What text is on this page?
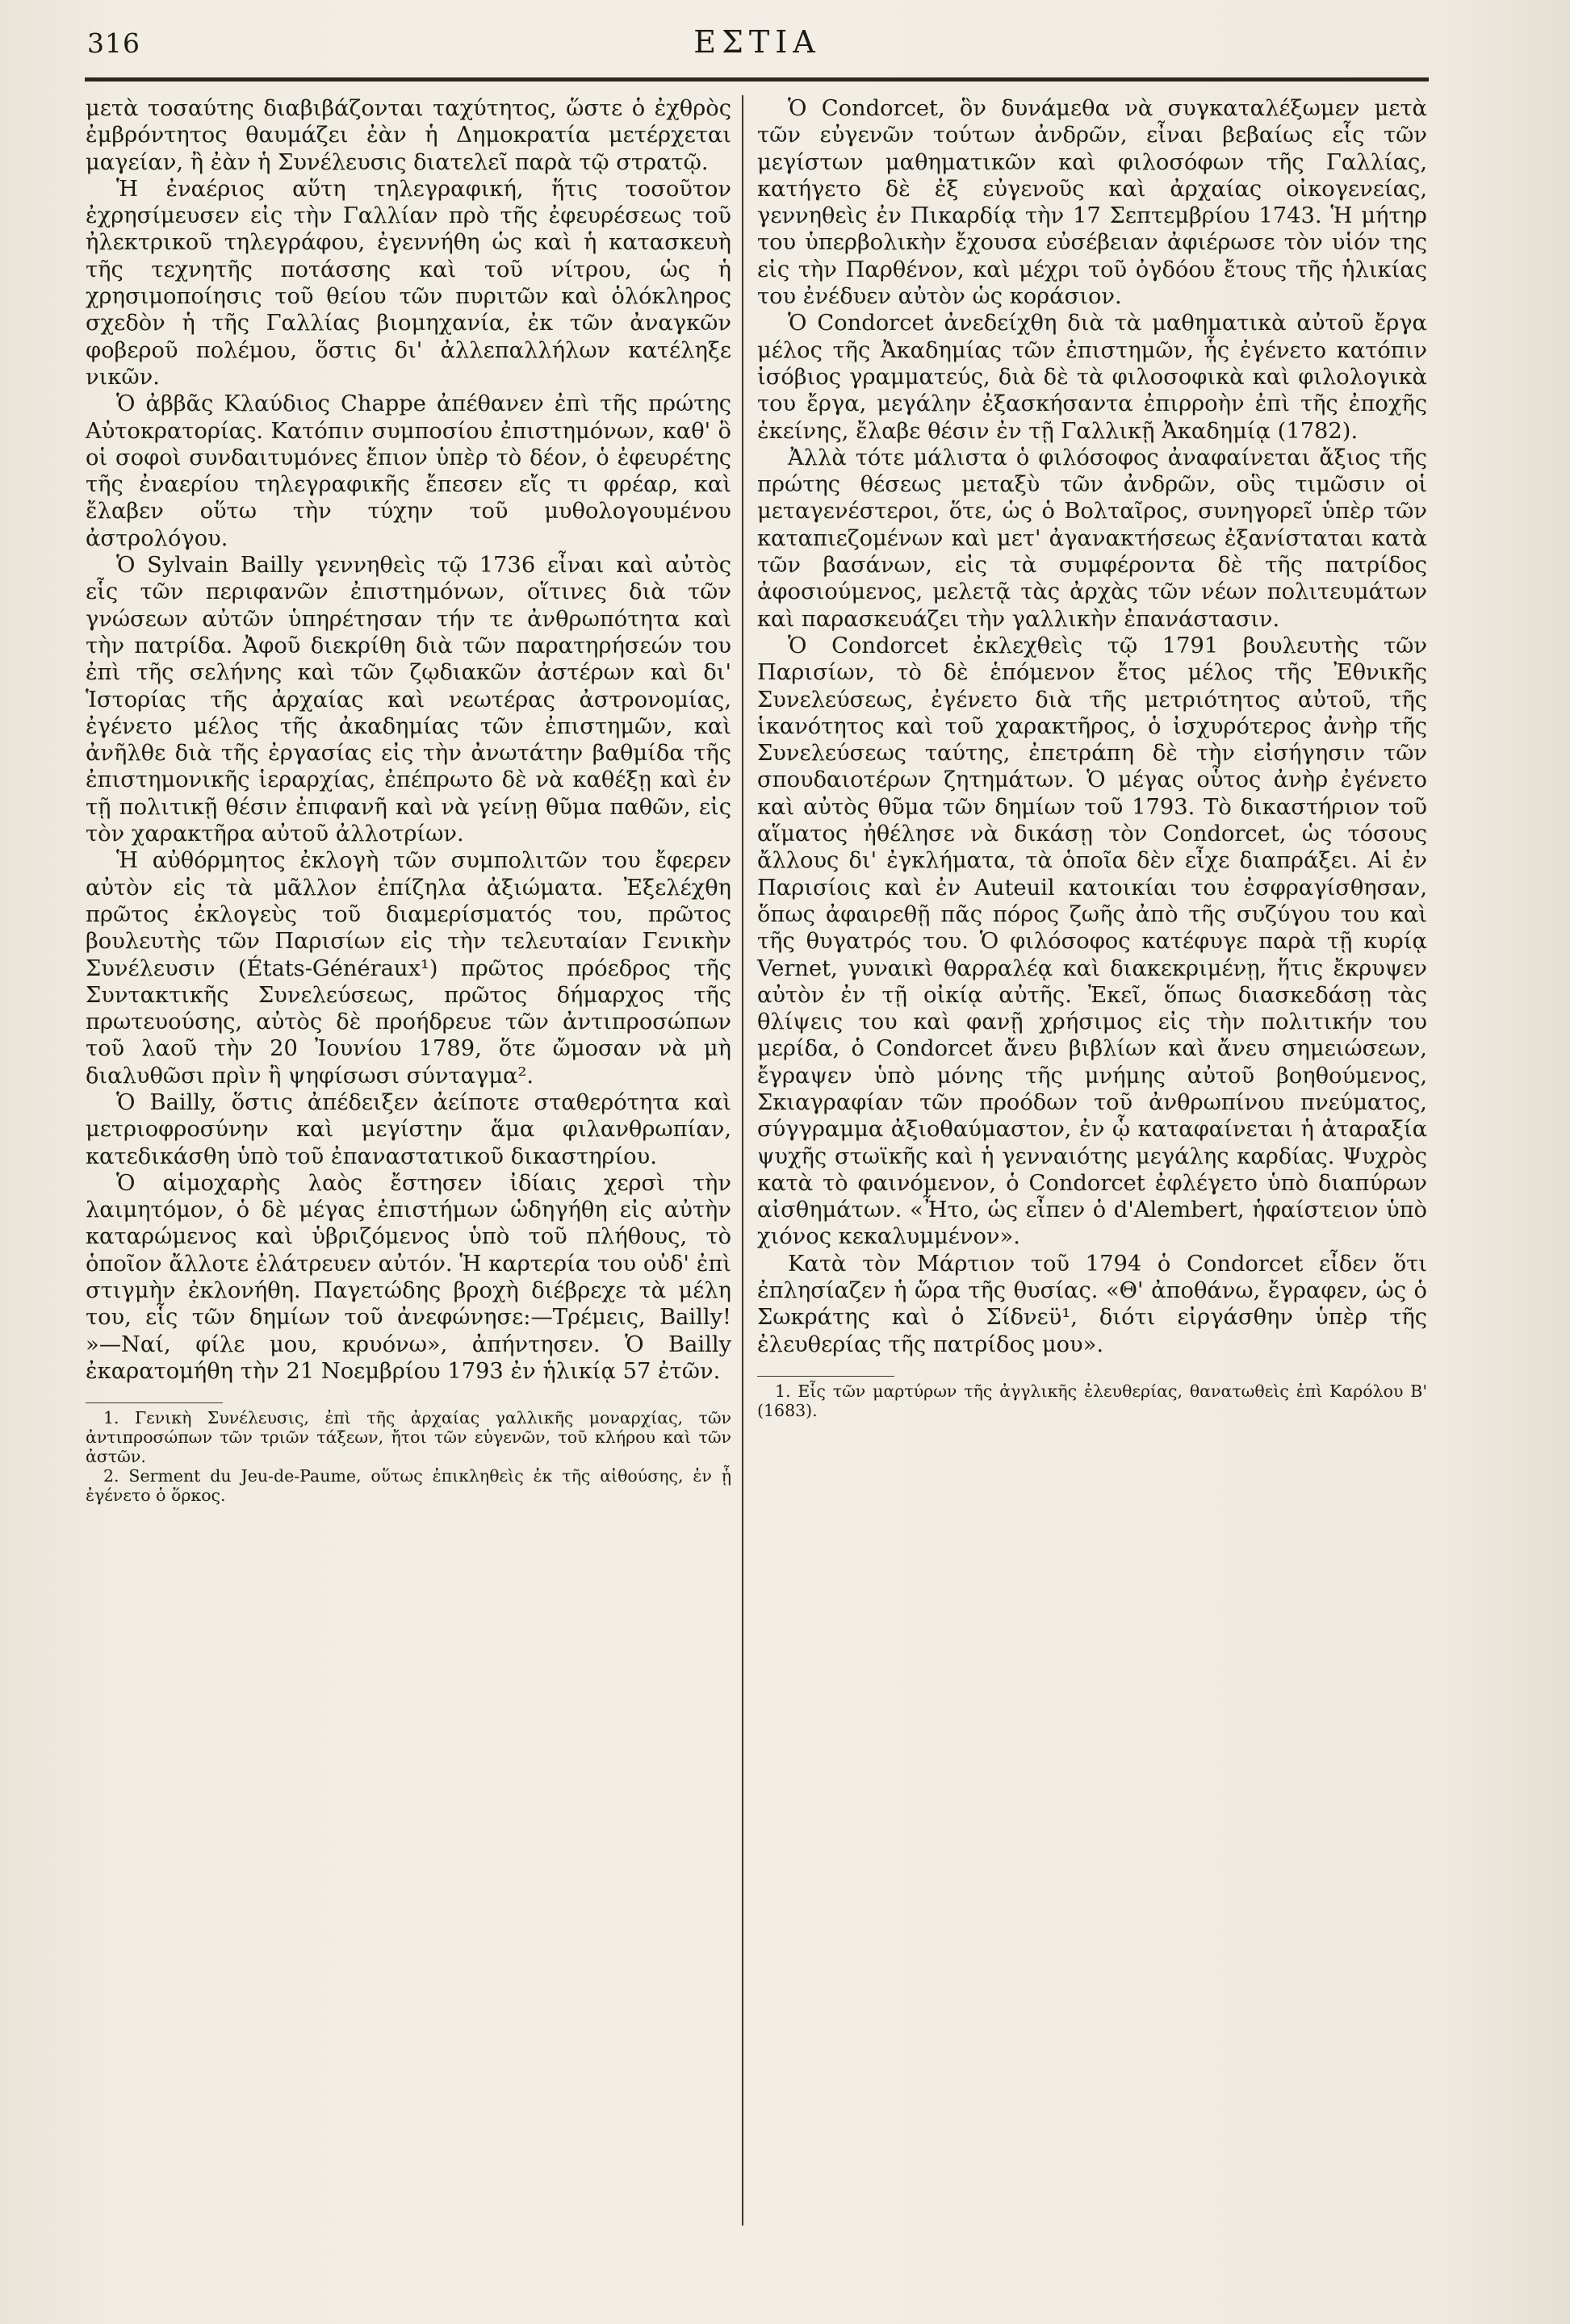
316	ΕΣΤΙΑ

μετὰ τοσαύτης διαβιβάζονται ταχύτητος, ὥστε ὁ ἐχθρὸς ἐμβρόντητος θαυμάζει ἐὰν ἡ Δημοκρατία μετέρχεται μαγείαν, ἢ ἐὰν ἡ Συνέλευσις διατελεῖ παρὰ τῷ στρατῷ.

Ἡ ἐναέριος αὕτη τηλεγραφική, ἥτις τοσοῦτον ἐχρησίμευσεν εἰς τὴν Γαλλίαν πρὸ τῆς ἐφευρέσεως τοῦ ἠλεκτρικοῦ τηλεγράφου, ἐγεννήθη ὡς καὶ ἡ κατασκευὴ τῆς τεχνητῆς ποτάσσης καὶ τοῦ νίτρου, ὡς ἡ χρησιμοποίησις τοῦ θείου τῶν πυριτῶν καὶ ὁλόκληρος σχεδὸν ἡ τῆς Γαλλίας βιομηχανία, ἐκ τῶν ἀναγκῶν φοβεροῦ πολέμου, ὅστις δι' ἀλλεπαλλήλων κατέληξε νικῶν.

Ὁ ἀββᾶς Κλαύδιος Chappe ἀπέθανεν ἐπὶ τῆς πρώτης Αὐτοκρατορίας. Κατόπιν συμποσίου ἐπιστημόνων, καθ' ὃ οἱ σοφοὶ συνδαιτυμόνες ἔπιον ὑπὲρ τὸ δέον, ὁ ἐφευρέτης τῆς ἐναερίου τηλεγραφικῆς ἔπεσεν εἴς τι φρέαρ, καὶ ἔλαβεν οὕτω τὴν τύχην τοῦ μυθολογουμένου ἀστρολόγου.

Ὁ Sylvain Bailly γεννηθεὶς τῷ 1736 εἶναι καὶ αὐτὸς εἷς τῶν περιφανῶν ἐπιστημόνων, οἵτινες διὰ τῶν γνώσεων αὐτῶν ὑπηρέτησαν τήν τε ἀνθρωπότητα καὶ τὴν πατρίδα. Ἀφοῦ διεκρίθη διὰ τῶν παρατηρήσεών του ἐπὶ τῆς σελήνης καὶ τῶν ζῳδιακῶν ἀστέρων καὶ δι' Ἱστορίας τῆς ἀρχαίας καὶ νεωτέρας ἀστρονομίας, ἐγένετο μέλος τῆς ἀκαδημίας τῶν ἐπιστημῶν, καὶ ἀνῆλθε διὰ τῆς ἐργασίας εἰς τὴν ἀνωτάτην βαθμίδα τῆς ἐπιστημονικῆς ἱεραρχίας, ἐπέπρωτο δὲ νὰ καθέξῃ καὶ ἐν τῇ πολιτικῇ θέσιν ἐπιφανῆ καὶ νὰ γείνῃ θῦμα παθῶν, εἰς τὸν χαρακτῆρα αὐτοῦ ἀλλοτρίων.

Ἡ αὐθόρμητος ἐκλογὴ τῶν συμπολιτῶν του ἔφερεν αὐτὸν εἰς τὰ μᾶλλον ἐπίζηλα ἀξιώματα. Ἐξελέχθη πρῶτος ἐκλογεὺς τοῦ διαμερίσματός του, πρῶτος βουλευτὴς τῶν Παρισίων εἰς τὴν τελευταίαν Γενικὴν Συνέλευσιν (États-Généraux¹) πρῶτος πρόεδρος τῆς Συντακτικῆς Συνελεύσεως, πρῶτος δήμαρχος τῆς πρωτευούσης, αὐτὸς δὲ προήδρευε τῶν ἀντιπροσώπων τοῦ λαοῦ τὴν 20 Ἰουνίου 1789, ὅτε ὤμοσαν νὰ μὴ διαλυθῶσι πρὶν ἢ ψηφίσωσι σύνταγμα².

Ὁ Bailly, ὅστις ἀπέδειξεν ἀείποτε σταθερότητα καὶ μετριοφροσύνην καὶ μεγίστην ἅμα φιλανθρωπίαν, κατεδικάσθη ὑπὸ τοῦ ἐπαναστατικοῦ δικαστηρίου.

Ὁ αἱμοχαρὴς λαὸς ἔστησεν ἰδίαις χερσὶ τὴν λαιμητόμον, ὁ δὲ μέγας ἐπιστήμων ὡδηγήθη εἰς αὐτὴν καταρώμενος καὶ ὑβριζόμενος ὑπὸ τοῦ πλήθους, τὸ ὁποῖον ἄλλοτε ἐλάτρευεν αὐτόν. Ἡ καρτερία του οὐδ' ἐπὶ στιγμὴν ἐκλονήθη. Παγετώδης βροχὴ διέβρεχε τὰ μέλη του, εἷς τῶν δημίων τοῦ ἀνεφώνησε:—Τρέμεις, Bailly! »—Ναί, φίλε μου, κρυόνω», ἀπήντησεν. Ὁ Bailly ἐκαρατομήθη τὴν 21 Νοεμβρίου 1793 ἐν ἡλικίᾳ 57 ἐτῶν.

1. Γενικὴ Συνέλευσις, ἐπὶ τῆς ἀρχαίας γαλλικῆς μοναρχίας, τῶν ἀντιπροσώπων τῶν τριῶν τάξεων, ἤτοι τῶν εὐγενῶν, τοῦ κλήρου καὶ τῶν ἀστῶν.

2. Serment du Jeu-de-Paume, οὕτως ἐπικληθεὶς ἐκ τῆς αἰθούσης, ἐν ᾗ ἐγένετο ὁ ὅρκος.

Ὁ Condorcet, ὃν δυνάμεθα νὰ συγκαταλέξωμεν μετὰ τῶν εὐγενῶν τούτων ἀνδρῶν, εἶναι βεβαίως εἷς τῶν μεγίστων μαθηματικῶν καὶ φιλοσόφων τῆς Γαλλίας, κατήγετο δὲ ἐξ εὐγενοῦς καὶ ἀρχαίας οἰκογενείας, γεννηθεὶς ἐν Πικαρδίᾳ τὴν 17 Σεπτεμβρίου 1743. Ἡ μήτηρ του ὑπερβολικὴν ἔχουσα εὐσέβειαν ἀφιέρωσε τὸν υἱόν της εἰς τὴν Παρθένον, καὶ μέχρι τοῦ ὀγδόου ἔτους τῆς ἡλικίας του ἐνέδυεν αὐτὸν ὡς κοράσιον.

Ὁ Condorcet ἀνεδείχθη διὰ τὰ μαθηματικὰ αὐτοῦ ἔργα μέλος τῆς Ἀκαδημίας τῶν ἐπιστημῶν, ἧς ἐγένετο κατόπιν ἰσόβιος γραμματεύς, διὰ δὲ τὰ φιλοσοφικὰ καὶ φιλολογικὰ του ἔργα, μεγάλην ἐξασκήσαντα ἐπιρροὴν ἐπὶ τῆς ἐποχῆς ἐκείνης, ἔλαβε θέσιν ἐν τῇ Γαλλικῇ Ἀκαδημίᾳ (1782).

Ἀλλὰ τότε μάλιστα ὁ φιλόσοφος ἀναφαίνεται ἄξιος τῆς πρώτης θέσεως μεταξὺ τῶν ἀνδρῶν, οὓς τιμῶσιν οἱ μεταγενέστεροι, ὅτε, ὡς ὁ Βολταῖρος, συνηγορεῖ ὑπὲρ τῶν καταπιεζομένων καὶ μετ' ἀγανακτήσεως ἐξανίσταται κατὰ τῶν βασάνων, εἰς τὰ συμφέροντα δὲ τῆς πατρίδος ἀφοσιούμενος, μελετᾷ τὰς ἀρχὰς τῶν νέων πολιτευμάτων καὶ παρασκευάζει τὴν γαλλικὴν ἐπανάστασιν.

Ὁ Condorcet ἐκλεχθεὶς τῷ 1791 βουλευτὴς τῶν Παρισίων, τὸ δὲ ἑπόμενον ἔτος μέλος τῆς Ἐθνικῆς Συνελεύσεως, ἐγένετο διὰ τῆς μετριότητος αὐτοῦ, τῆς ἱκανότητος καὶ τοῦ χαρακτῆρος, ὁ ἰσχυρότερος ἀνὴρ τῆς Συνελεύσεως ταύτης, ἐπετράπη δὲ τὴν εἰσήγησιν τῶν σπουδαιοτέρων ζητημάτων. Ὁ μέγας οὗτος ἀνὴρ ἐγένετο καὶ αὐτὸς θῦμα τῶν δημίων τοῦ 1793. Τὸ δικαστήριον τοῦ αἵματος ἠθέλησε νὰ δικάσῃ τὸν Condorcet, ὡς τόσους ἄλλους δι' ἐγκλήματα, τὰ ὁποῖα δὲν εἶχε διαπράξει. Αἱ ἐν Παρισίοις καὶ ἐν Auteuil κατοικίαι του ἐσφραγίσθησαν, ὅπως ἀφαιρεθῇ πᾶς πόρος ζωῆς ἀπὸ τῆς συζύγου του καὶ τῆς θυγατρός του. Ὁ φιλόσοφος κατέφυγε παρὰ τῇ κυρίᾳ Vernet, γυναικὶ θαρραλέᾳ καὶ διακεκριμένῃ, ἥτις ἔκρυψεν αὐτὸν ἐν τῇ οἰκίᾳ αὐτῆς. Ἐκεῖ, ὅπως διασκεδάσῃ τὰς θλίψεις του καὶ φανῇ χρήσιμος εἰς τὴν πολιτικήν του μερίδα, ὁ Condorcet ἄνευ βιβλίων καὶ ἄνευ σημειώσεων, ἔγραψεν ὑπὸ μόνης τῆς μνήμης αὐτοῦ βοηθούμενος, Σκιαγραφίαν τῶν προόδων τοῦ ἀνθρωπίνου πνεύματος, σύγγραμμα ἀξιοθαύμαστον, ἐν ᾧ καταφαίνεται ἡ ἀταραξία ψυχῆς στωϊκῆς καὶ ἡ γενναιότης μεγάλης καρδίας. Ψυχρὸς κατὰ τὸ φαινόμενον, ὁ Condorcet ἐφλέγετο ὑπὸ διαπύρων αἰσθημάτων. «Ἦτο, ὡς εἶπεν ὁ d'Alembert, ἡφαίστειον ὑπὸ χιόνος κεκαλυμμένον».

Κατὰ τὸν Μάρτιον τοῦ 1794 ὁ Condorcet εἶδεν ὅτι ἐπλησίαζεν ἡ ὥρα τῆς θυσίας. «Θ' ἀποθάνω, ἔγραφεν, ὡς ὁ Σωκράτης καὶ ὁ Σίδνεϋ¹, διότι εἰργάσθην ὑπὲρ τῆς ἐλευθερίας τῆς πατρίδος μου».

1. Εἷς τῶν μαρτύρων τῆς ἀγγλικῆς ἐλευθερίας, θανατωθεὶς ἐπὶ Καρόλου Β' (1683).
